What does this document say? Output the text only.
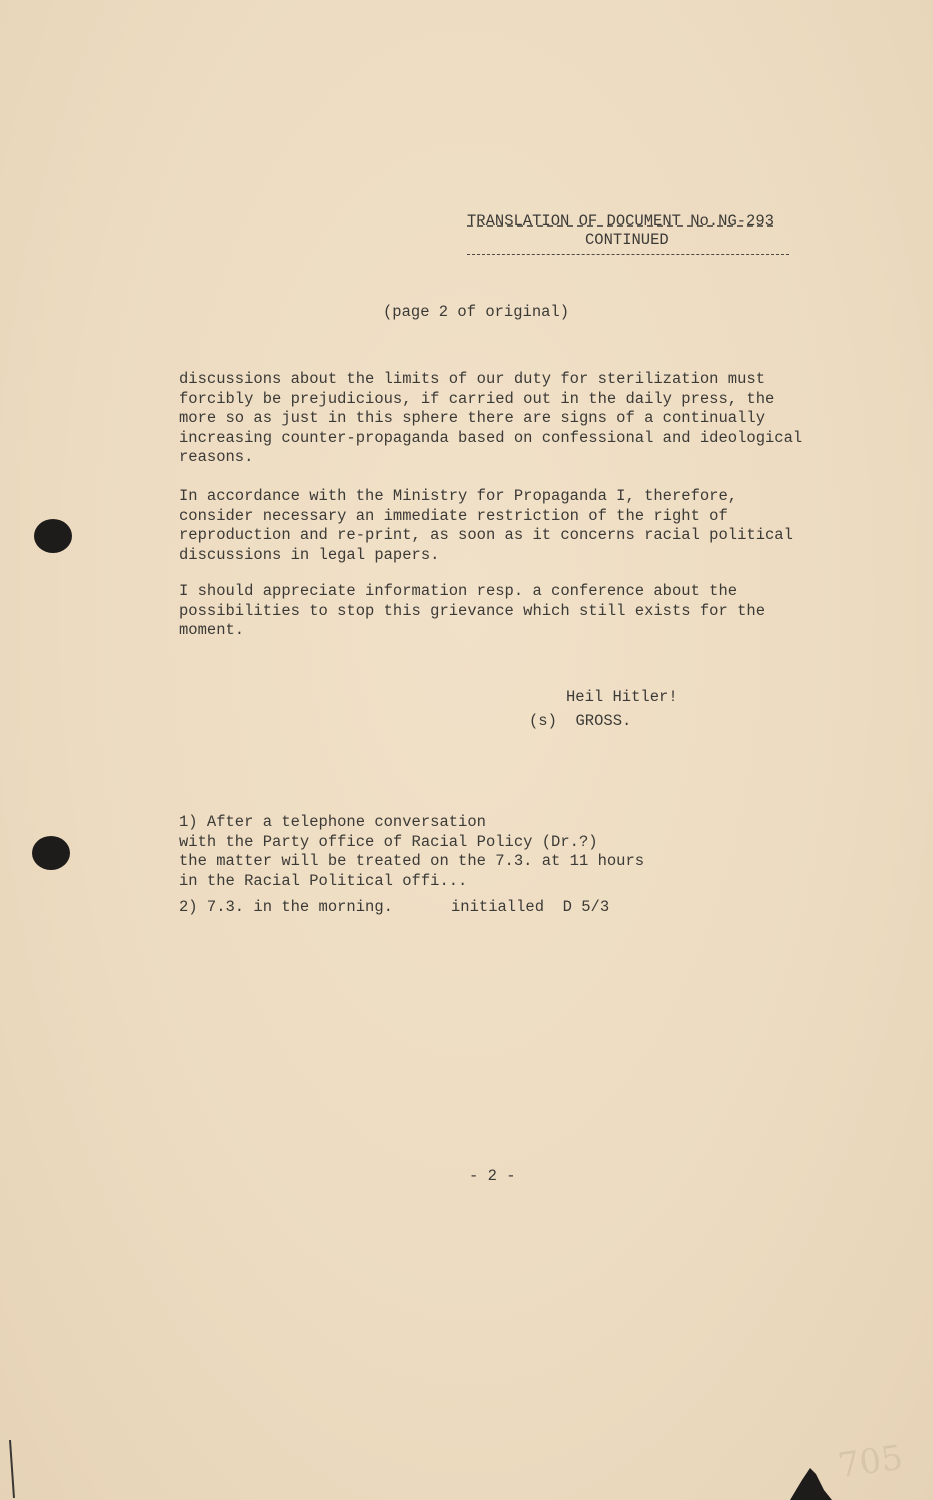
TRANSLATION OF DOCUMENT No.NG-293
CONTINUED
(page 2 of original)
discussions about the limits of our duty for sterilization must
forcibly be prejudicious, if carried out in the daily press, the
more so as just in this sphere there are signs of a continually
increasing counter-propaganda based on confessional and ideological
reasons.
In accordance with the Ministry for Propaganda I, therefore,
consider necessary an immediate restriction of the right of
reproduction and re-print, as soon as it concerns racial political
discussions in legal papers.
I should appreciate information resp. a conference about the
possibilities to stop this grievance which still exists for the
moment.
Heil Hitler!
(s)  GROSS.
1) After a telephone conversation
with the Party office of Racial Policy (Dr.?)
the matter will be treated on the 7.3. at 11 hours
in the Racial Political offi...
2) 7.3. in the morning.	initialled  D 5/3
- 2 -
705
